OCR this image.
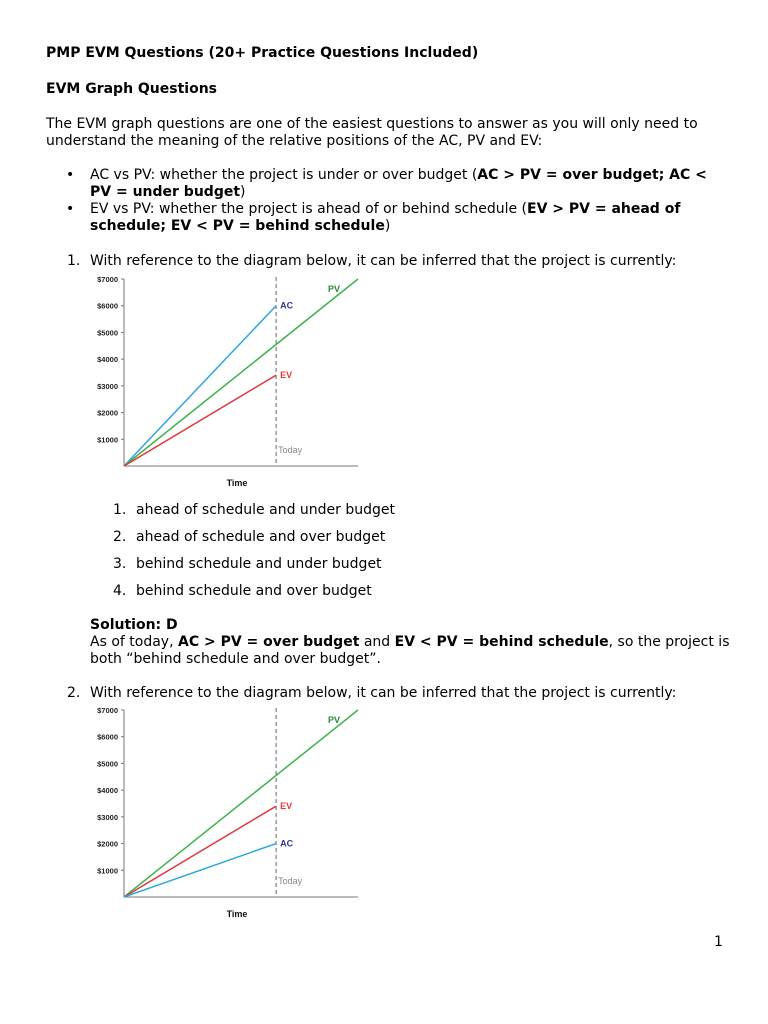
PMP EVM Questions (20+ Practice Questions Included)
EVM Graph Questions
The EVM graph questions are one of the easiest questions to answer as you will only need to
understand the meaning of the relative positions of the AC, PV and EV:
• AC vs PV: whether the project is under or over budget (AC > PV = over budget; AC <
PV = under budget)
• EV vs PV: whether the project is ahead of or behind schedule (EV > PV = ahead of
schedule; EV < PV = behind schedule)
1. With reference to the diagram below, it can be inferred that the project is currently:
$7000
$6000
$5000
$4000
$3000
$2000
$1000
Today
AC
PV
EV
Time
1. ahead of schedule and under budget
2. ahead of schedule and over budget
3. behind schedule and under budget
4. behind schedule and over budget
Solution: D
As of today, AC > PV = over budget and EV < PV = behind schedule, so the project is
both “behind schedule and over budget”.
2. With reference to the diagram below, it can be inferred that the project is currently:
$7000
$6000
$5000
$4000
$3000
$2000
$1000
Today
PV
EV
AC
Time
1
